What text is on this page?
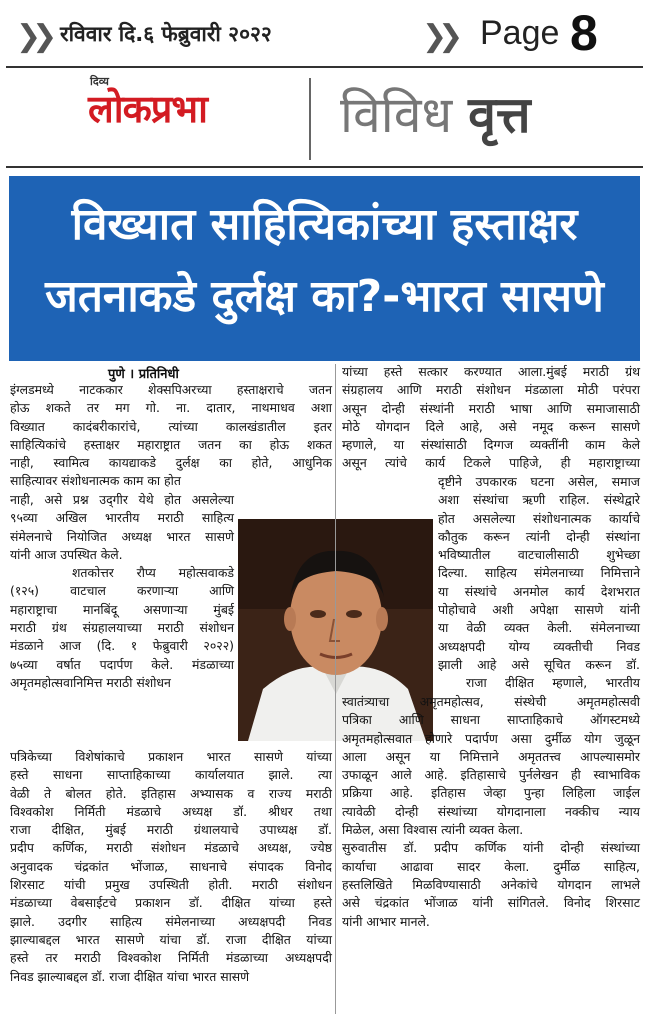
❯❯ रविवार दि.६ फेब्रुवारी २०२२	❯❯ Page 8
दिव्य
लोकप्रभा	विविध वृत्त
विख्यात साहित्यिकांच्या हस्ताक्षर
जतनाकडे दुर्लक्ष का?-भारत सासणे
पुणे । प्रतिनिधी
इंग्लडमध्ये नाटककार शेक्सपिअरच्या हस्ताक्षराचे जतन
होऊ शकते तर मग गो. ना. दातार, नाथमाधव अशा
विख्यात कादंबरीकारांचे, त्यांच्या कालखंडातील इतर
साहित्यिकांचे हस्ताक्षर महाराष्ट्रात जतन का होऊ शकत
नाही, स्वामित्व कायद्याकडे दुर्लक्ष का होते, आधुनिक
साहित्यावर संशोधनात्मक काम का होत
नाही, असे प्रश्न उद्‌गीर येथे होत असलेल्या
९५व्या अखिल भारतीय मराठी साहित्य
संमेलनाचे नियोजित अध्यक्ष भारत सासणे
यांनी आज उपस्थित केले.
शतकोत्तर रौप्य महोत्सवाकडे
(१२५) वाटचाल करणाऱ्या आणि
महाराष्ट्राचा मानबिंदू असणाऱ्या मुंबई
मराठी ग्रंथ संग्रहालयाच्या मराठी संशोधन
मंडळाने आज (दि. १ फेब्रुवारी २०२२)
७५व्या वर्षात पदार्पण केले. मंडळाच्या
अमृतमहोत्सवानिमित्त मराठी संशोधन
पत्रिकेच्या विशेषांकाचे प्रकाशन भारत सासणे यांच्या
हस्ते साधना साप्ताहिकाच्या कार्यालयात झाले. त्या
वेळी ते बोलत होते. इतिहास अभ्यासक व राज्य मराठी
विश्वकोश निर्मिती मंडळाचे अध्यक्ष डॉ. श्रीधर तथा
राजा दीक्षित, मुंबई मराठी ग्रंथालयाचे उपाध्यक्ष डॉ.
प्रदीप कर्णिक, मराठी संशोधन मंडळाचे अध्यक्ष, ज्येष्ठ
अनुवादक चंद्रकांत भोंजाळ, साधनाचे संपादक विनोद
शिरसाट यांची प्रमुख उपस्थिती होती. मराठी संशोधन
मंडळाच्या वेबसाईटचे प्रकाशन डॉ. दीक्षित यांच्या हस्ते
झाले. उदगीर साहित्य संमेलनाच्या अध्यक्षपदी निवड
झाल्याबद्दल भारत सासणे यांचा डॉ. राजा दीक्षित यांच्या
हस्ते तर मराठी विश्वकोश निर्मिती मंडळाच्या अध्यक्षपदी
निवड झाल्याबद्दल डॉ. राजा दीक्षित यांचा भारत सासणे
यांच्या हस्ते सत्कार करण्यात आला.मुंबई मराठी ग्रंथ
संग्रहालय आणि मराठी संशोधन मंडळाला मोठी परंपरा
असून दोन्ही संस्थांनी मराठी भाषा आणि समाजासाठी
मोठे योगदान दिले आहे, असे नमूद करून सासणे
म्हणाले, या संस्थांसाठी दिग्गज व्यक्तींनी काम केले
असून त्यांचे कार्य टिकले पाहिजे, ही महाराष्ट्राच्या
दृष्टीने उपकारक घटना असेल, समाज
अशा संस्थांचा ऋणी राहिल. संस्थेद्वारे
होत असलेल्या संशोधनात्मक कार्याचे
कौतुक करून त्यांनी दोन्ही संस्थांना
भविष्यातील वाटचालीसाठी शुभेच्छा
दिल्या. साहित्य संमेलनाच्या निमित्ताने
या संस्थांचे अनमोल कार्य देशभरात
पोहोचावे अशी अपेक्षा सासणे यांनी
या वेळी व्यक्त केली. संमेलनाच्या
अध्यक्षपदी योग्य व्यक्तीची निवड
झाली आहे असे सूचित करून डॉ.
राजा दीक्षित म्हणाले, भारतीय
स्वातंत्र्याचा अमृतमहोत्सव, संस्थेची अमृतमहोत्सवी
पत्रिका आणि साधना साप्ताहिकाचे ऑगस्टमध्ये
अमृतमहोत्सवात होणारे पदार्पण असा दुर्मीळ योग जुळून
आला असून या निमित्ताने अमृततत्त्व आपल्यासमोर
उफाळून आले आहे. इतिहासाचे पुर्नलेखन ही स्वाभाविक
प्रक्रिया आहे. इतिहास जेव्हा पुन्हा लिहिला जाईल
त्यावेळी दोन्ही संस्थांच्या योगदानाला नक्कीच न्याय
मिळेल, असा विश्वास त्यांनी व्यक्त केला.
सुरुवातीस डॉ. प्रदीप कर्णिक यांनी दोन्ही संस्थांच्या
कार्याचा आढावा सादर केला. दुर्मीळ साहित्य,
हस्तलिखिते मिळविण्यासाठी अनेकांचे योगदान लाभले
असे चंद्रकांत भोंजाळ यांनी सांगितले. विनोद शिरसाट
यांनी आभार मानले.
